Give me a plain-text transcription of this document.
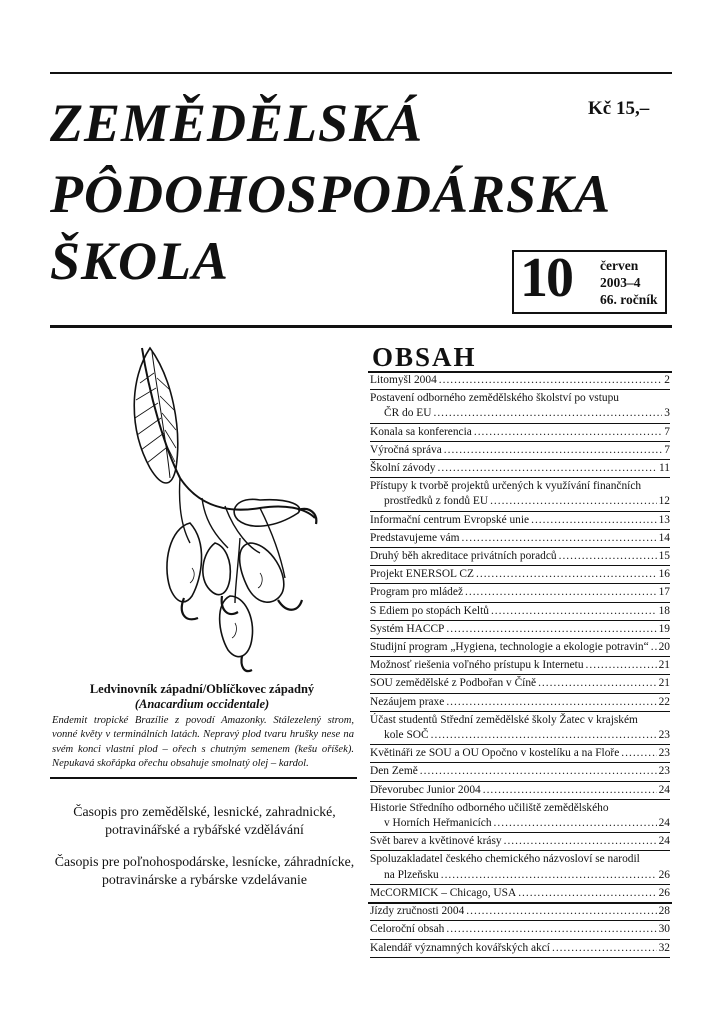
ZEMĚDĚLSKÁ
PÔDOHOSPODÁRSKA
ŠKOLA
Kč 15,–
10 červen
2003–4
66. ročník
Ledvinovník západní/Oblíčkovec západný
(Anacardium occidentale)
Endemit tropické Brazílie z povodí Amazonky. Stálezelený strom, vonné květy v terminálních latách. Nepravý plod tvaru hrušky nese na svém konci vlastní plod – ořech s chutným semenem (kešu oříšek). Nepukavá skořápka ořechu obsahuje smolnatý olej – kardol.
Časopis pro zemědělské, lesnické, zahradnické, potravinářské a rybářské vzdělávání
Časopis pre poľnohospodárske, lesnícke, záhradnícke, potravinárske a rybárske vzdelávanie
OBSAH
Litomyšl 2004 .....	2
Postavení odborného zemědělského školství po vstupu
ČR do EU .....	3
Konala sa konferencia .....	7
Výročná správa .....	7
Školní závody .....	11
Přístupy k tvorbě projektů určených k využívání finančních
prostředků z fondů EU .....	12
Informační centrum Evropské unie .....	13
Predstavujeme vám .....	14
Druhý běh akreditace privátních poradců .....	15
Projekt ENERSOL CZ .....	16
Program pro mládež .....	17
S Ediem po stopách Keltů .....	18
Systém HACCP .....	19
Studijní program „Hygiena, technologie a ekologie potravin“ ..... 20
Možnosť riešenia voľného prístupu k Internetu .....	21
SOU zemědělské z Podbořan v Číně .....	21
Nezáujem praxe .....	22
Účast studentů Střední zemědělské školy Žatec v krajském
kole SOČ .....	23
Květináři ze SOU a OU Opočno v kostelíku a na Floře .....	23
Den Země .....	23
Dřevorubec Junior 2004 .....	24
Historie Středního odborného učiliště zemědělského
v Horních Heřmanicích .....	24
Svět barev a květinové krásy .....	24
Spoluzakladatel českého chemického názvosloví se narodil
na Plzeňsku .....	26
McCORMICK – Chicago, USA .....	26
Jízdy zručnosti 2004 .....	28
Celoroční obsah .....	30
Kalendář významných kovářských akcí .....	32
